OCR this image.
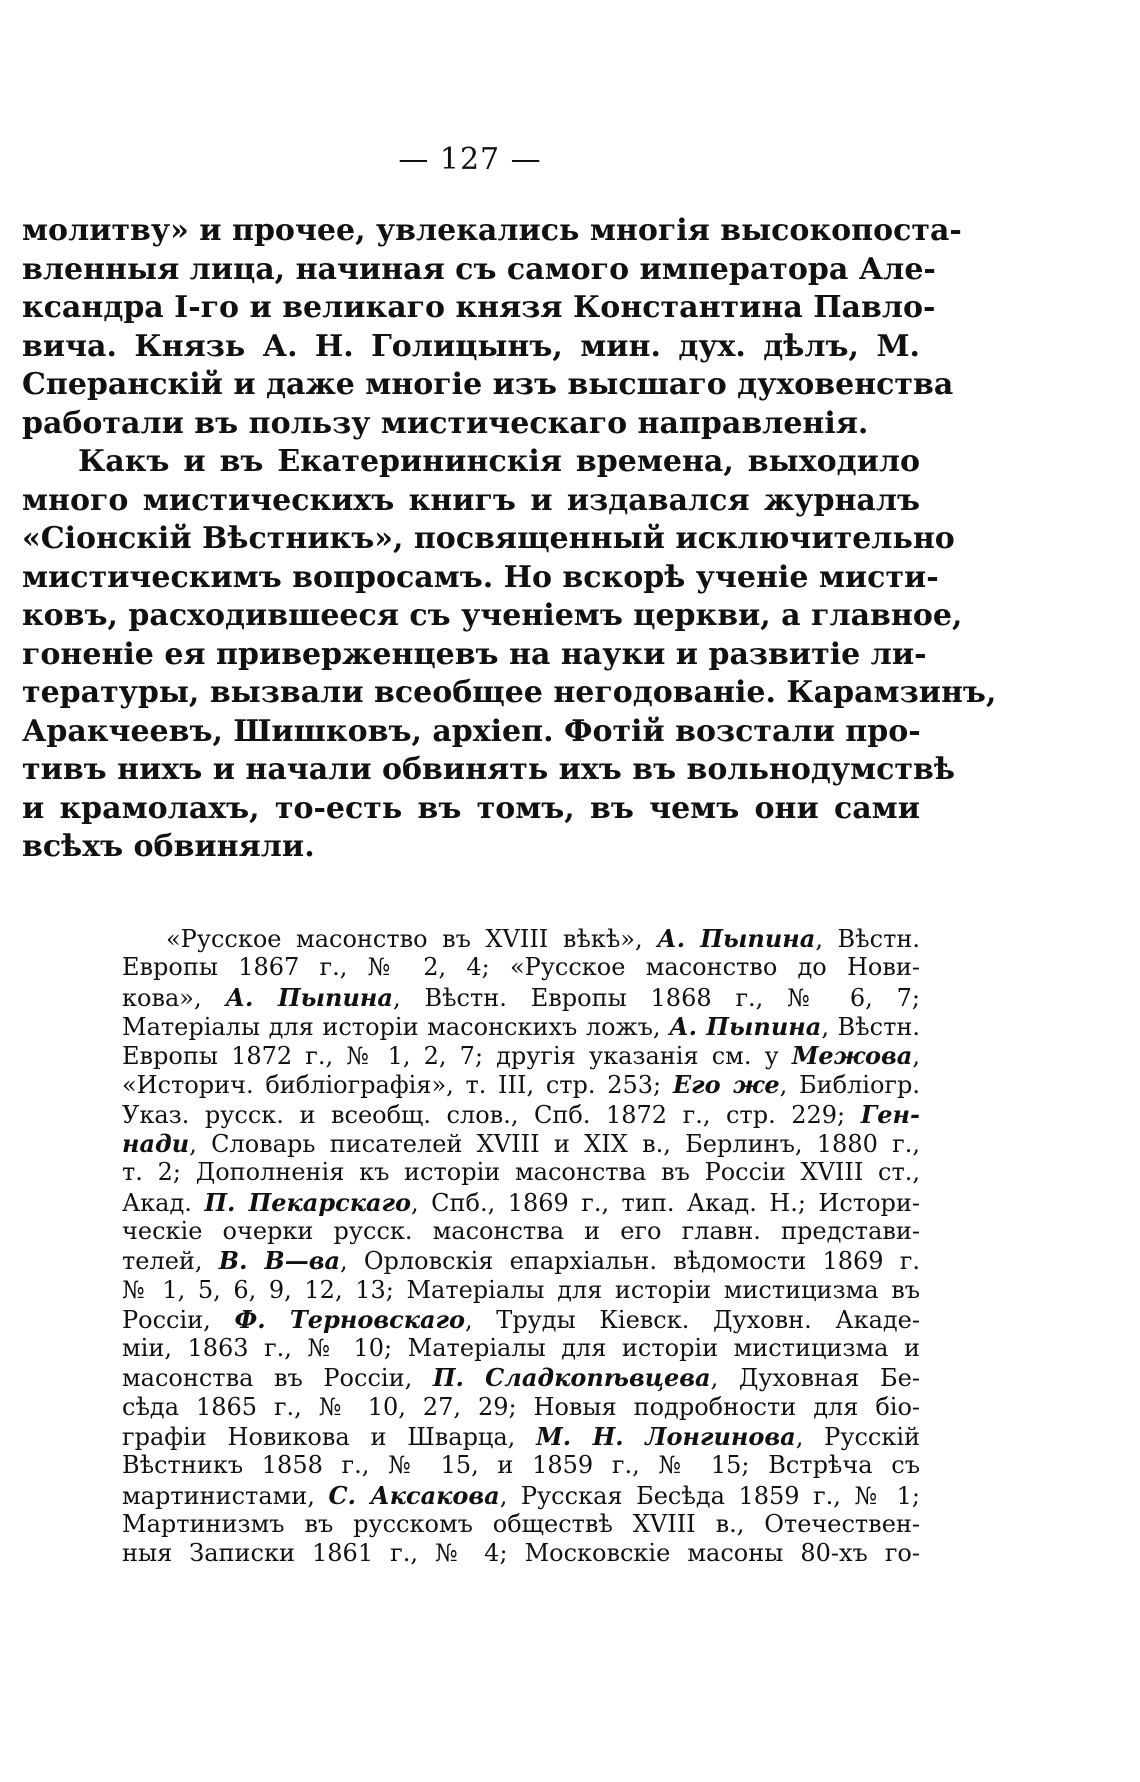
— 127 —
молитву» и прочее, увлекались многія высокопоста-
вленныя лица, начиная съ самого императора Але-
ксандра I-го и великаго князя Константина Павло-
вича. Князь А. Н. Голицынъ, мин. дух. дѣлъ, М.
Сперанскій и даже многіе изъ высшаго духовенства
работали въ пользу мистическаго направленія.
Какъ и въ Екатерининскія времена, выходило
много мистическихъ книгъ и издавался журналъ
«Сіонскій Вѣстникъ», посвященный исключительно
мистическимъ вопросамъ. Но вскорѣ ученіе мисти-
ковъ, расходившееся съ ученіемъ церкви, а главное,
гоненіе ея приверженцевъ на науки и развитіе ли-
тературы, вызвали всеобщее негодованіе. Карамзинъ,
Аракчеевъ, Шишковъ, архіеп. Фотій возстали про-
тивъ нихъ и начали обвинять ихъ въ вольнодумствѣ
и крамолахъ, то-есть въ томъ, въ чемъ они сами
всѣхъ обвиняли.
«Русское масонство въ XVIII вѣкѣ», А. Пыпина, Вѣстн.
Европы 1867 г., № 2, 4; «Русское масонство до Нови-
кова», А. Пыпина, Вѣстн. Европы 1868 г., № 6, 7;
Матеріалы для исторіи масонскихъ ложъ, А. Пыпина, Вѣстн.
Европы 1872 г., № 1, 2, 7; другія указанія см. у Межова,
«Историч. библіографія», т. III, стр. 253; Его же, Библіогр.
Указ. русск. и всеобщ. слов., Спб. 1872 г., стр. 229; Ген-
нади, Словарь писателей XVIII и XIX в., Берлинъ, 1880 г.,
т. 2; Дополненія къ исторіи масонства въ Россіи XVIII ст.,
Акад. П. Пекарскаго, Спб., 1869 г., тип. Акад. Н.; Истори-
ческіе очерки русск. масонства и его главн. представи-
телей, В. В—ва, Орловскія епархіальн. вѣдомости 1869 г.
№ 1, 5, 6, 9, 12, 13; Матеріалы для исторіи мистицизма въ
Россіи, Ф. Терновскаго, Труды Кіевск. Духовн. Акаде-
міи, 1863 г., № 10; Матеріалы для исторіи мистицизма и
масонства въ Россіи, П. Сладкопѣвцева, Духовная Бе-
сѣда 1865 г., № 10, 27, 29; Новыя подробности для біо-
графіи Новикова и Шварца, М. Н. Лонгинова, Русскій
Вѣстникъ 1858 г., № 15, и 1859 г., № 15; Встрѣча съ
мартинистами, С. Аксакова, Русская Бесѣда 1859 г., № 1;
Мартинизмъ въ русскомъ обществѣ XVIII в., Отечествен-
ныя Записки 1861 г., № 4; Московскіе масоны 80-хъ го-
